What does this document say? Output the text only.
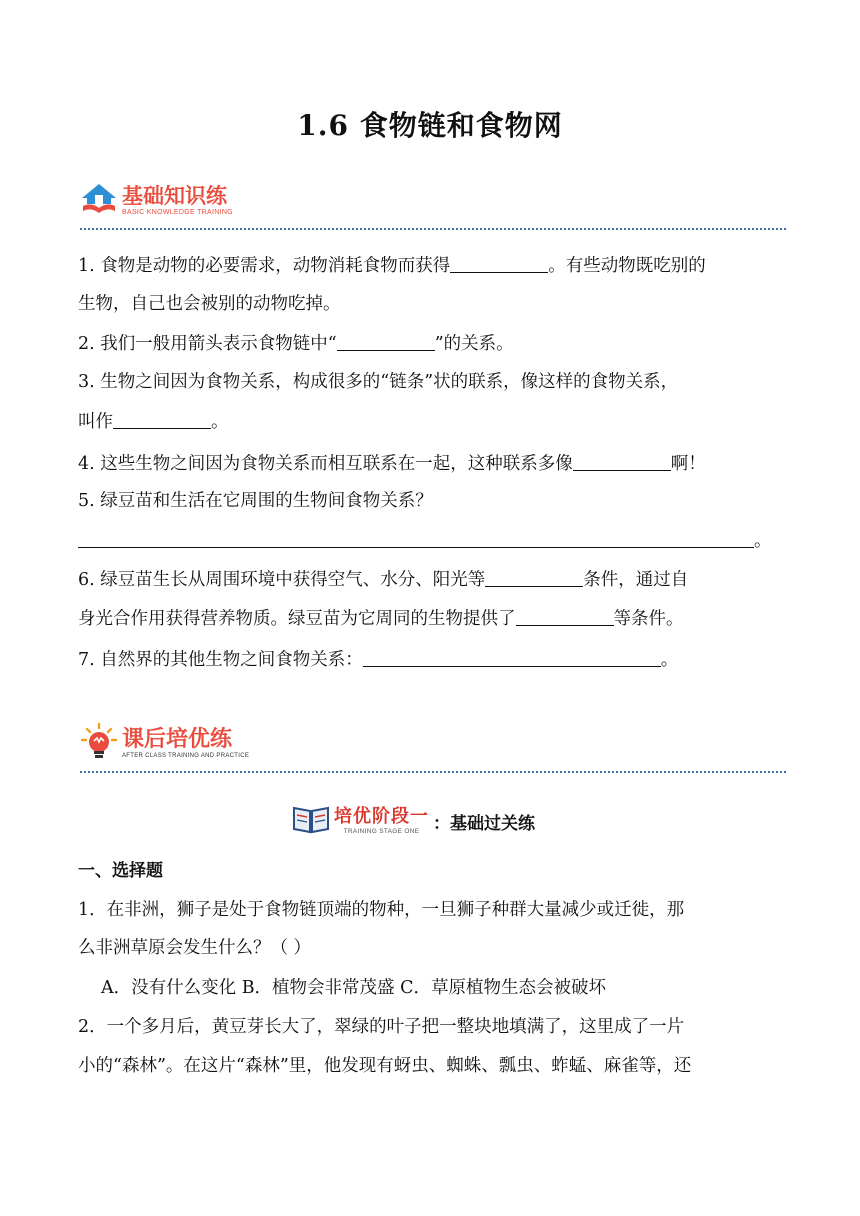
1.6 食物链和食物网
基础知识练
BASIC KNOWLEDGE TRAINING
1. 食物是动物的必要需求，动物消耗食物而获得	。有些动物既吃别的
生物，自己也会被别的动物吃掉。
2. 我们一般用箭头表示食物链中“	”的关系。
3. 生物之间因为食物关系，构成很多的“链条”状的联系，像这样的食物关系，
叫作	。
4. 这些生物之间因为食物关系而相互联系在一起，这种联系多像	啊！
5. 绿豆苗和生活在它周围的生物间食物关系？
。
6. 绿豆苗生长从周围环境中获得空气、水分、阳光等	条件，通过自
身光合作用获得营养物质。绿豆苗为它周同的生物提供了	等条件。
7. 自然界的其他生物之间食物关系：	。
课后培优练
AFTER CLASS TRAINING AND PRACTICE
培优阶段一
TRAINING STAGE ONE ：基础过关练
一、选择题
1．在非洲，狮子是处于食物链顶端的物种，一旦狮子种群大量减少或迁徙，那
么非洲草原会发生什么？（ ）
A．没有什么变化 B．植物会非常茂盛 C．草原植物生态会被破坏
2．一个多月后，黄豆芽长大了，翠绿的叶子把一整块地填满了，这里成了一片
小的“森林”。在这片“森林”里，他发现有蚜虫、蜘蛛、瓢虫、蚱蜢、麻雀等，还
